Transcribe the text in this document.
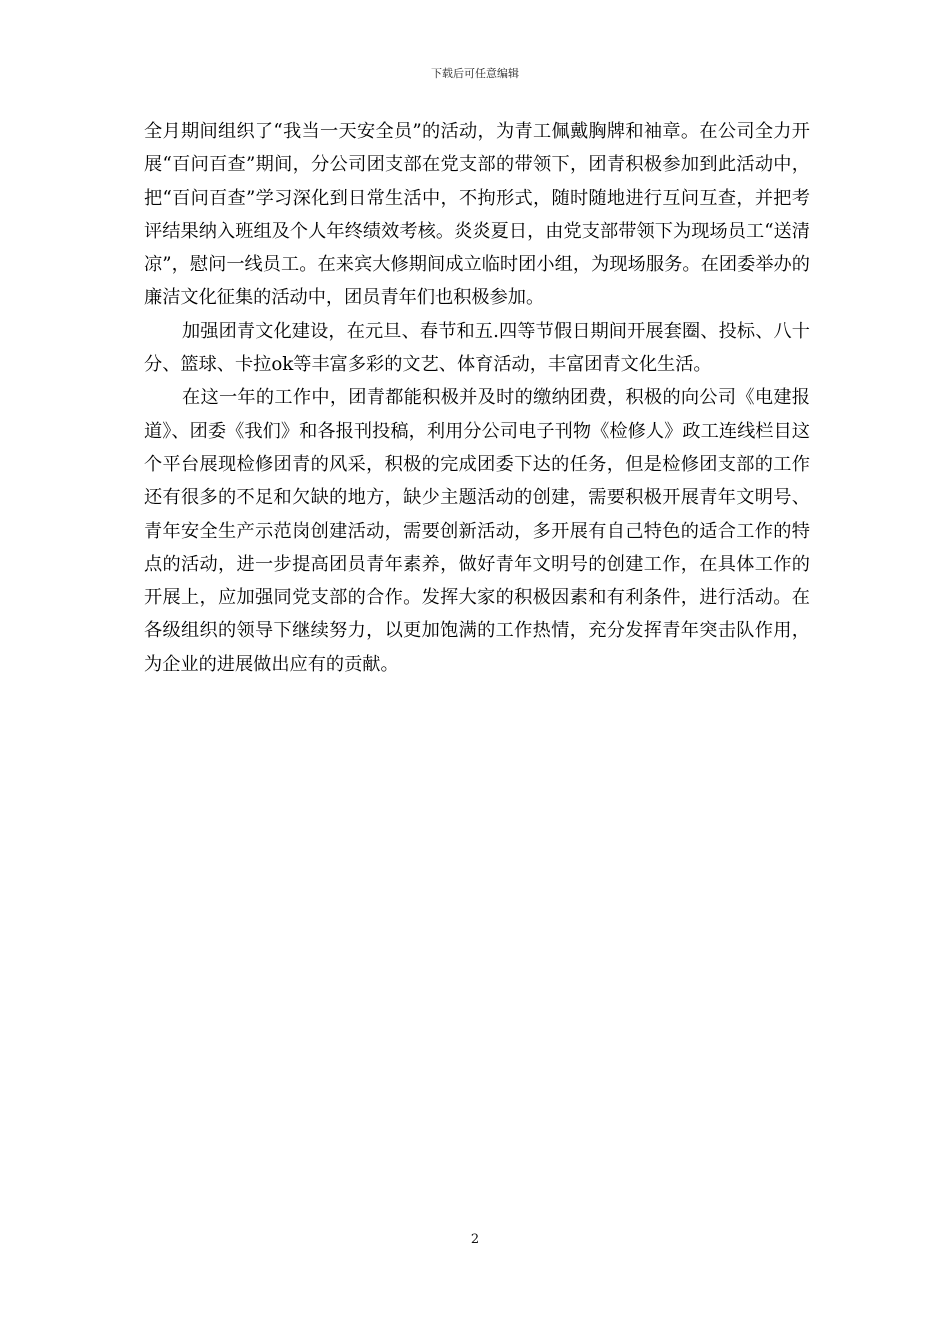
下载后可任意编辑

全月期间组织了“我当一天安全员”的活动，为青工佩戴胸牌和袖章。在公司全力开展“百问百查”期间，分公司团支部在党支部的带领下，团青积极参加到此活动中，把“百问百查”学习深化到日常生活中，不拘形式，随时随地进行互问互查，并把考评结果纳入班组及个人年终绩效考核。炎炎夏日，由党支部带领下为现场员工“送清凉”，慰问一线员工。在来宾大修期间成立临时团小组，为现场服务。在团委举办的廉洁文化征集的活动中，团员青年们也积极参加。

加强团青文化建设，在元旦、春节和五.四等节假日期间开展套圈、投标、八十分、篮球、卡拉ok等丰富多彩的文艺、体育活动，丰富团青文化生活。

在这一年的工作中，团青都能积极并及时的缴纳团费，积极的向公司《电建报道》、团委《我们》和各报刊投稿，利用分公司电子刊物《检修人》政工连线栏目这个平台展现检修团青的风采，积极的完成团委下达的任务，但是检修团支部的工作还有很多的不足和欠缺的地方，缺少主题活动的创建，需要积极开展青年文明号、青年安全生产示范岗创建活动，需要创新活动，多开展有自己特色的适合工作的特点的活动，进一步提高团员青年素养，做好青年文明号的创建工作，在具体工作的开展上，应加强同党支部的合作。发挥大家的积极因素和有利条件，进行活动。在各级组织的领导下继续努力，以更加饱满的工作热情，充分发挥青年突击队作用，为企业的进展做出应有的贡献。

2
